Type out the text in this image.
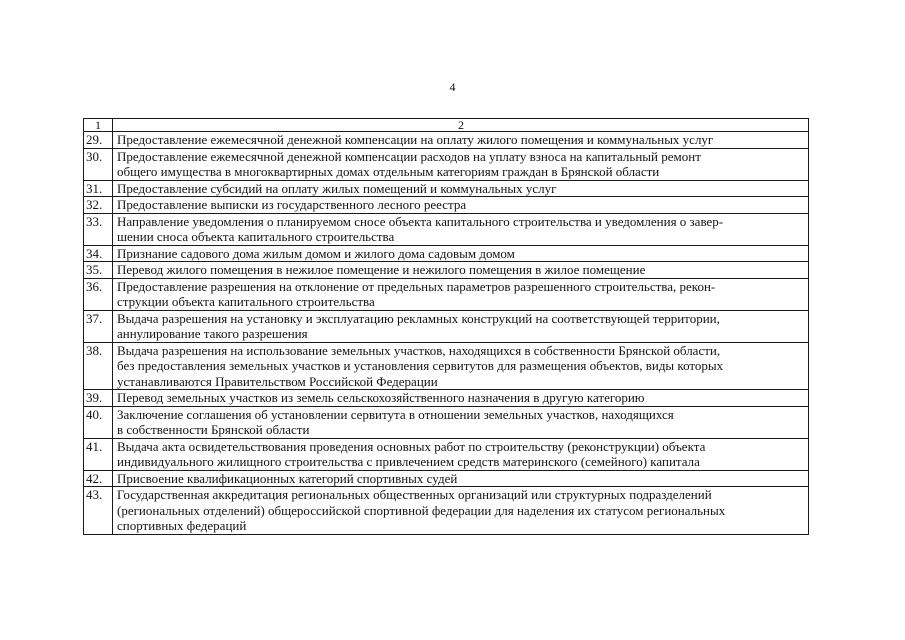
4
1	2
29.	Предоставление ежемесячной денежной компенсации на оплату жилого помещения и коммунальных услуг

30.	Предоставление ежемесячной денежной компенсации расходов на уплату взноса на капитальный ремонт
общего имущества в многоквартирных домах отдельным категориям граждан в Брянской области

31.	Предоставление субсидий на оплату жилых помещений и коммунальных услуг

32.	Предоставление выписки из государственного лесного реестра

33.	Направление уведомления о планируемом сносе объекта капитального строительства и уведомления о завер-
шении сноса объекта капитального строительства

34.	Признание садового дома жилым домом и жилого дома садовым домом

35.	Перевод жилого помещения в нежилое помещение и нежилого помещения в жилое помещение

36.	Предоставление разрешения на отклонение от предельных параметров разрешенного строительства, рекон-
струкции объекта капитального строительства

37.	Выдача разрешения на установку и эксплуатацию рекламных конструкций на соответствующей территории,
аннулирование такого разрешения

38.	Выдача разрешения на использование земельных участков, находящихся в собственности Брянской области,
без предоставления земельных участков и установления сервитутов для размещения объектов, виды которых
устанавливаются Правительством Российской Федерации

39.	Перевод земельных участков из земель сельскохозяйственного назначения в другую категорию

40.	Заключение соглашения об установлении сервитута в отношении земельных участков, находящихся
в собственности Брянской области

41.	Выдача акта освидетельствования проведения основных работ по строительству (реконструкции) объекта
индивидуального жилищного строительства с привлечением средств материнского (семейного) капитала

42.	Присвоение квалификационных категорий спортивных судей

43.	Государственная аккредитация региональных общественных организаций или структурных подразделений
(региональных отделений) общероссийской спортивной федерации для наделения их статусом региональных
спортивных федераций
